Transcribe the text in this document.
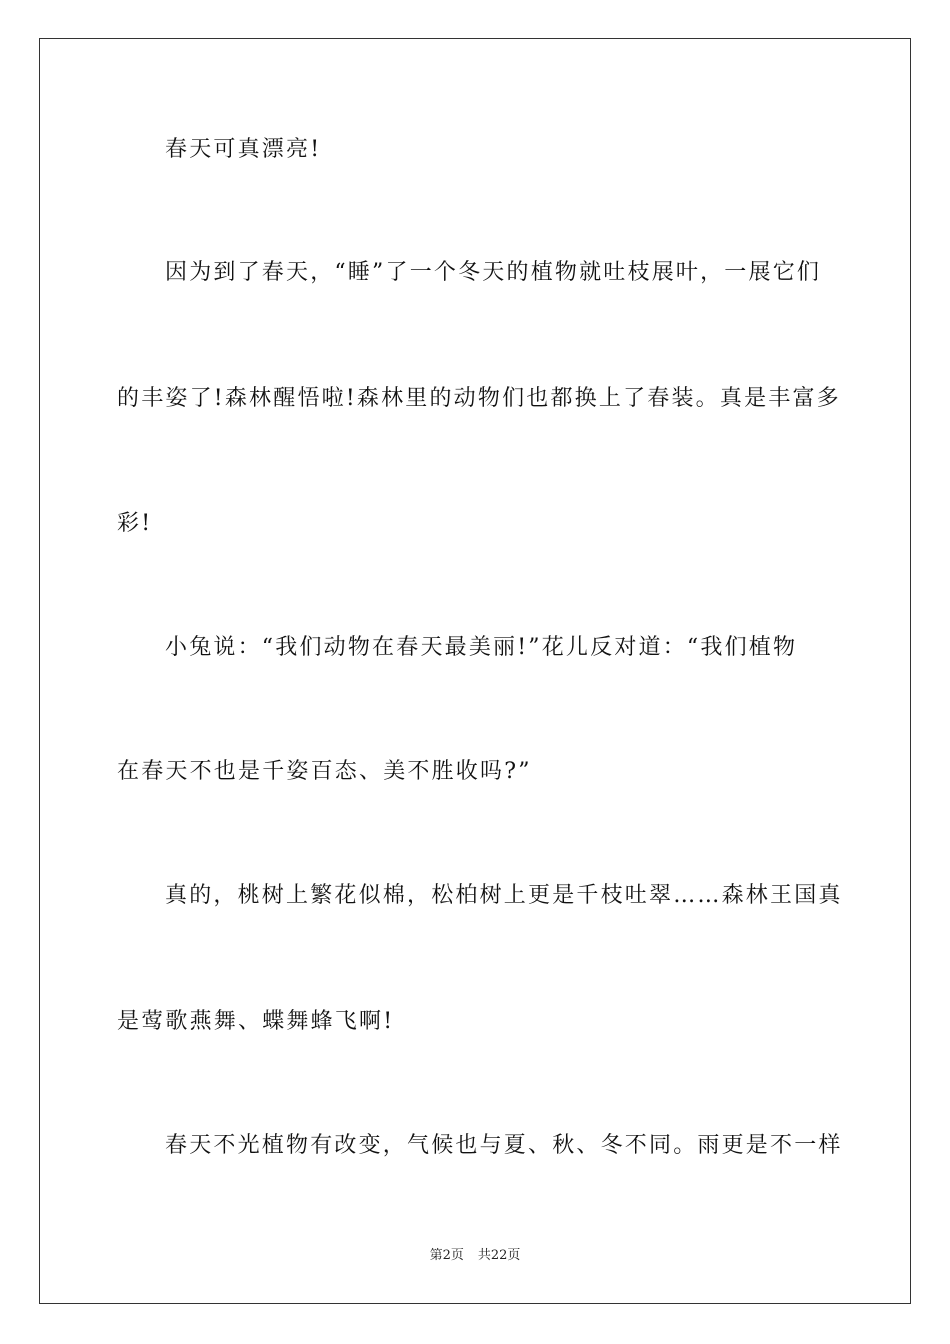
春天可真漂亮!
因为到了春天，“睡”了一个冬天的植物就吐枝展叶，一展它们
的丰姿了!森林醒悟啦!森林里的动物们也都换上了春装。真是丰富多
彩!
小兔说：“我们动物在春天最美丽!”花儿反对道：“我们植物
在春天不也是千姿百态、美不胜收吗?”
真的，桃树上繁花似棉，松柏树上更是千枝吐翠……森林王国真
是莺歌燕舞、蝶舞蜂飞啊!
春天不光植物有改变，气候也与夏、秋、冬不同。雨更是不一样
第2页 共22页
